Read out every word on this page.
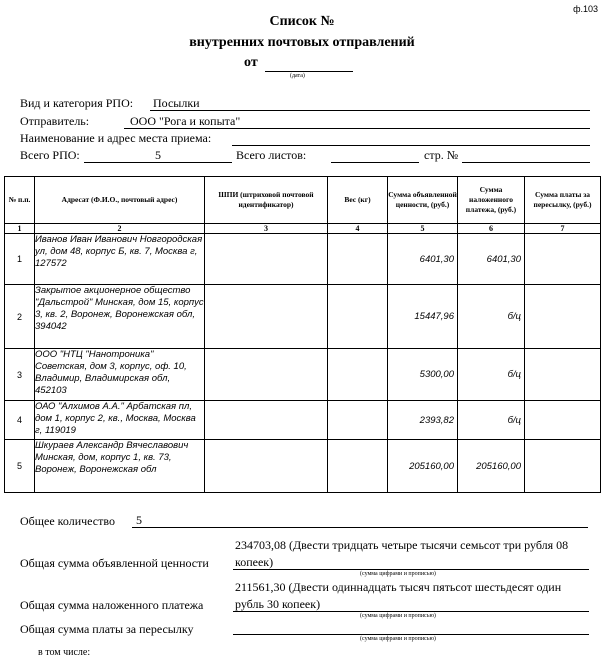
ф.103
Список №
внутренних почтовых отправлений
от
(дата)
Вид и категория РПО: Посылки
Отправитель:	ООО "Рога и копыта"
Наименование и адрес места приема:
Всего РПО:	5	Всего листов:	стр. №
№ п.п.	Адресат (Ф.И.О., почтовый адрес)	ШПИ (штриховой почтовой идентификатор)	Вес (кг)	Сумма объявленной ценности, (руб.)	Сумма наложенного платежа, (руб.)	Сумма платы за пересылку, (руб.)
1	2	3	4	5	6	7
1	Иванов Иван Иванович Новгородская ул, дом 48, корпус Б, кв. 7, Москва г, 127572			6401,30	6401,30	
2	Закрытое акционерное общество "Дальстрой" Минская, дом 15, корпус 3, кв. 2, Воронеж, Воронежская обл, 394042			15447,96	б/ц	
3	ООО "НТЦ "Нанотроника" Советская, дом 3, корпус, оф. 10, Владимир, Владимирская обл, 452103			5300,00	б/ц	
4	ОАО "Алхимов А.А." Арбатская пл, дом 1, корпус 2, кв., Москва, Москва г, 119019			2393,82	б/ц	
5	Шкураев Александр Вячеславович Минская, дом, корпус 1, кв. 73, Воронеж, Воронежская обл			205160,00	205160,00	
Общее количество 5
Общая сумма объявленной ценности
234703,08 (Двести тридцать четыре тысячи семьсот три рубля 08 копеек)
(сумма цифрами и прописью)
Общая сумма наложенного платежа
211561,30 (Двести одиннадцать тысяч пятьсот шестьдесят один рубль 30 копеек)
(сумма цифрами и прописью)
Общая сумма платы за пересылку
(сумма цифрами и прописью)
в том числе:
